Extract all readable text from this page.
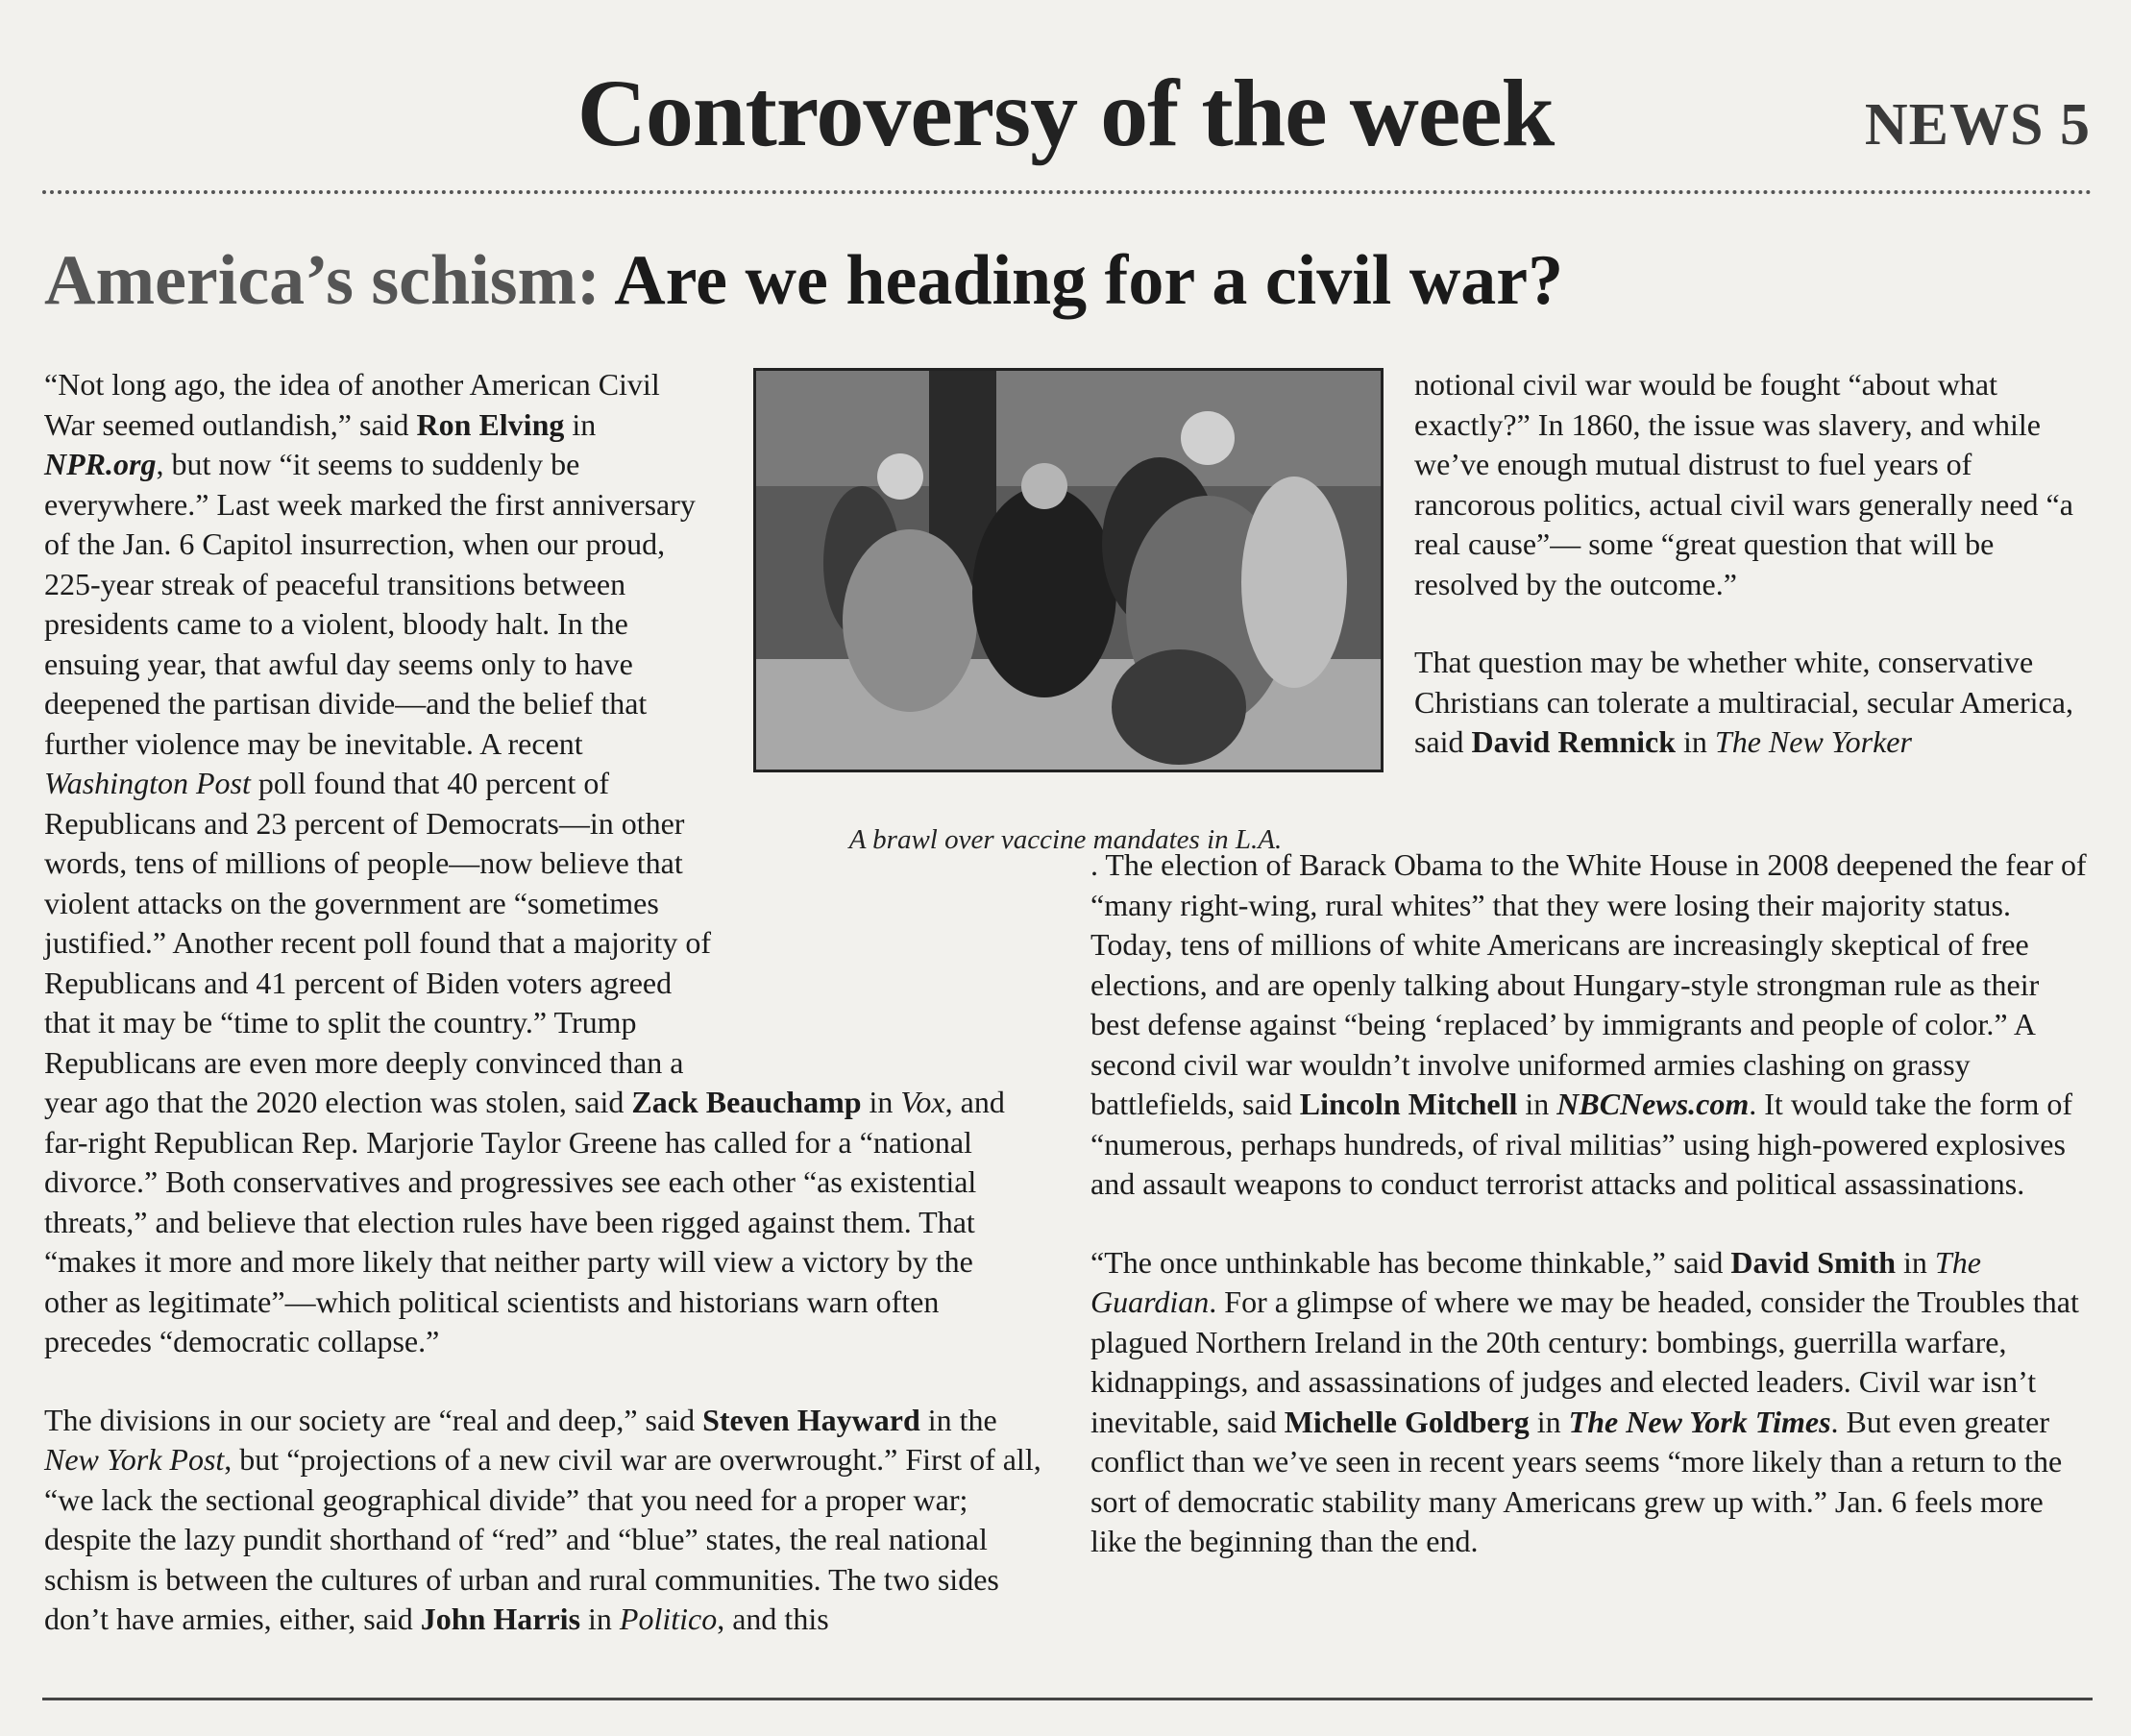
Controversy of the week	NEWS 5
America’s schism: Are we heading for a civil war?
A brawl over vaccine mandates in L.A.

“Not long ago, the idea of another American Civil War seemed outlandish,” said Ron Elving in NPR.org, but now “it seems to suddenly be everywhere.” Last week marked the first anniversary of the Jan. 6 Capitol insurrection, when our proud, 225-year streak of peaceful transitions between presidents came to a violent, bloody halt. In the ensuing year, that awful day seems only to have deepened the partisan divide—and the belief that further violence may be inevitable. A recent Washington Post poll found that 40 percent of Republicans and 23 percent of Democrats—in other words, tens of millions of people—now believe that violent attacks on the government are “sometimes justified.” Another recent poll found that a majority of Republicans and 41 percent of Biden voters agreed that it may be “time to split the country.” Trump Republicans are even more deeply convinced than a year ago that the 2020 election was stolen, said Zack Beauchamp in Vox, and far-right Republican Rep. Marjorie Taylor Greene has called for a “national divorce.” Both conservatives and progressives see each other “as existential threats,” and believe that election rules have been rigged against them. That “makes it more and more likely that neither party will view a victory by the other as legitimate”—which political scientists and historians warn often precedes “democratic collapse.”

The divisions in our society are “real and deep,” said Steven Hayward in the New York Post, but “projections of a new civil war are overwrought.” First of all, “we lack the sectional geographical divide” that you need for a proper war; despite the lazy pundit shorthand of “red” and “blue” states, the real national schism is between the cultures of urban and rural communities. The two sides don’t have armies, either, said John Harris in Politico, and this

notional civil war would be fought “about what exactly?” In 1860, the issue was slavery, and while we’ve enough mutual distrust to fuel years of rancorous politics, actual civil wars generally need “a real cause”— some “great question that will be resolved by the outcome.”

That question may be whether white, conservative Christians can tolerate a multiracial, secular America, said David Remnick in The New Yorker

. The election of Barack Obama to the White House in 2008 deepened the fear of “many right-wing, rural whites” that they were losing their majority status. Today, tens of millions of white Americans are increasingly skeptical of free elections, and are openly talking about Hungary-style strongman rule as their best defense against “being ‘replaced’ by immigrants and people of color.” A second civil war wouldn’t involve uniformed armies clashing on grassy battlefields, said Lincoln Mitchell in NBCNews.com. It would take the form of “numerous, perhaps hundreds, of rival militias” using high-powered explosives and assault weapons to conduct terrorist attacks and political assassinations.

“The once unthinkable has become thinkable,” said David Smith in The Guardian. For a glimpse of where we may be headed, consider the Troubles that plagued Northern Ireland in the 20th century: bombings, guerrilla warfare, kidnappings, and assassinations of judges and elected leaders. Civil war isn’t inevitable, said Michelle Goldberg in The New York Times. But even greater conflict than we’ve seen in recent years seems “more likely than a return to the sort of democratic stability many Americans grew up with.” Jan. 6 feels more like the beginning than the end.
